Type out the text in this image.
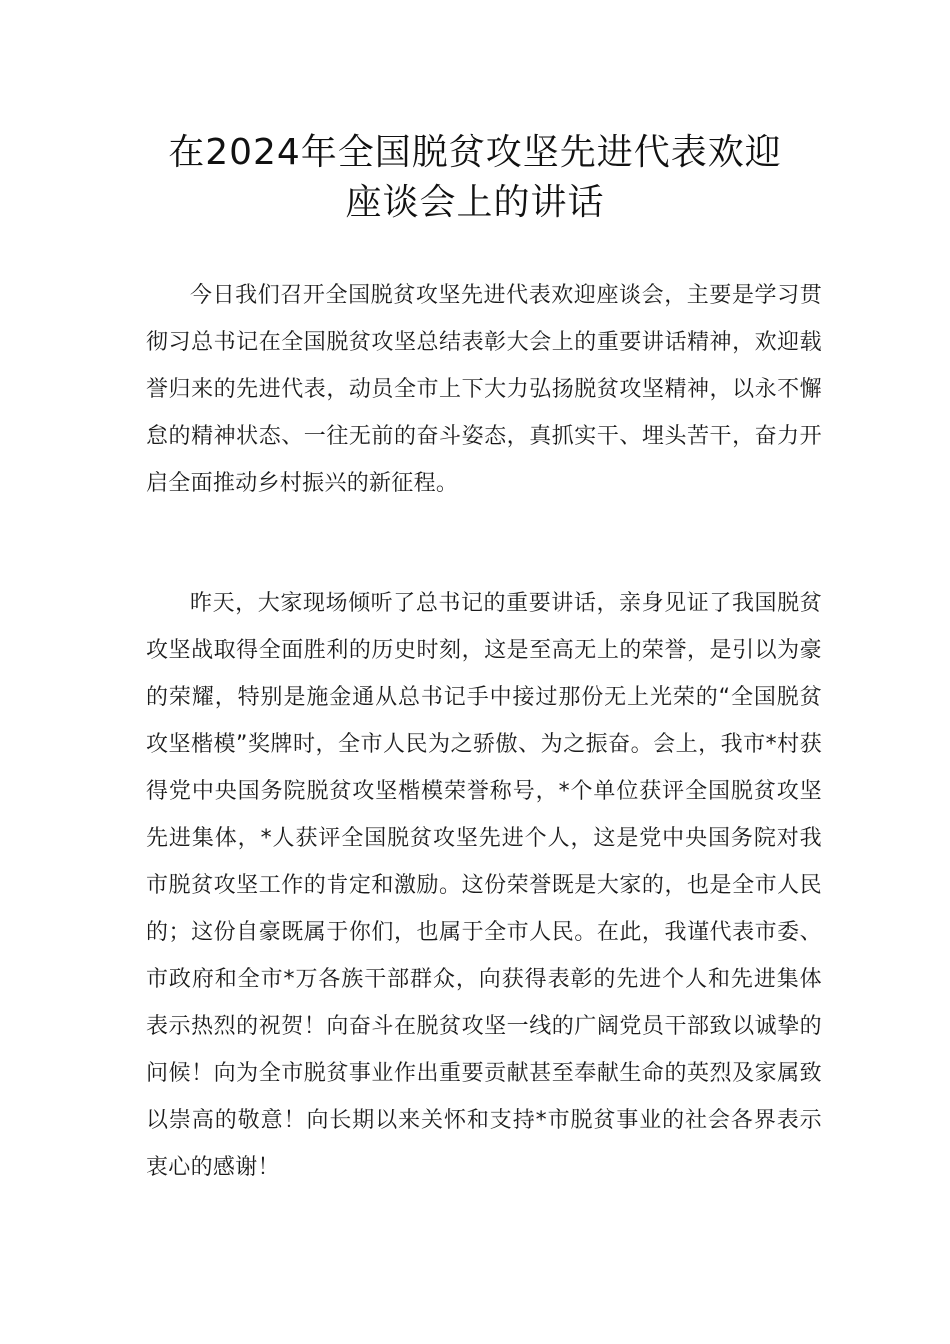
在2024年全国脱贫攻坚先进代表欢迎
座谈会上的讲话

今日我们召开全国脱贫攻坚先进代表欢迎座谈会，主要是学习贯彻习总书记在全国脱贫攻坚总结表彰大会上的重要讲话精神，欢迎载誉归来的先进代表，动员全市上下大力弘扬脱贫攻坚精神，以永不懈怠的精神状态、一往无前的奋斗姿态，真抓实干、埋头苦干，奋力开启全面推动乡村振兴的新征程。

昨天，大家现场倾听了总书记的重要讲话，亲身见证了我国脱贫攻坚战取得全面胜利的历史时刻，这是至高无上的荣誉，是引以为豪的荣耀，特别是施金通从总书记手中接过那份无上光荣的“全国脱贫攻坚楷模”奖牌时，全市人民为之骄傲、为之振奋。会上，我市*村获得党中央国务院脱贫攻坚楷模荣誉称号，*个单位获评全国脱贫攻坚先进集体，*人获评全国脱贫攻坚先进个人，这是党中央国务院对我市脱贫攻坚工作的肯定和激励。这份荣誉既是大家的，也是全市人民的；这份自豪既属于你们，也属于全市人民。在此，我谨代表市委、市政府和全市*万各族干部群众，向获得表彰的先进个人和先进集体表示热烈的祝贺！向奋斗在脱贫攻坚一线的广阔党员干部致以诚挚的问候！向为全市脱贫事业作出重要贡献甚至奉献生命的英烈及家属致以崇高的敬意！向长期以来关怀和支持*市脱贫事业的社会各界表示衷心的感谢！
